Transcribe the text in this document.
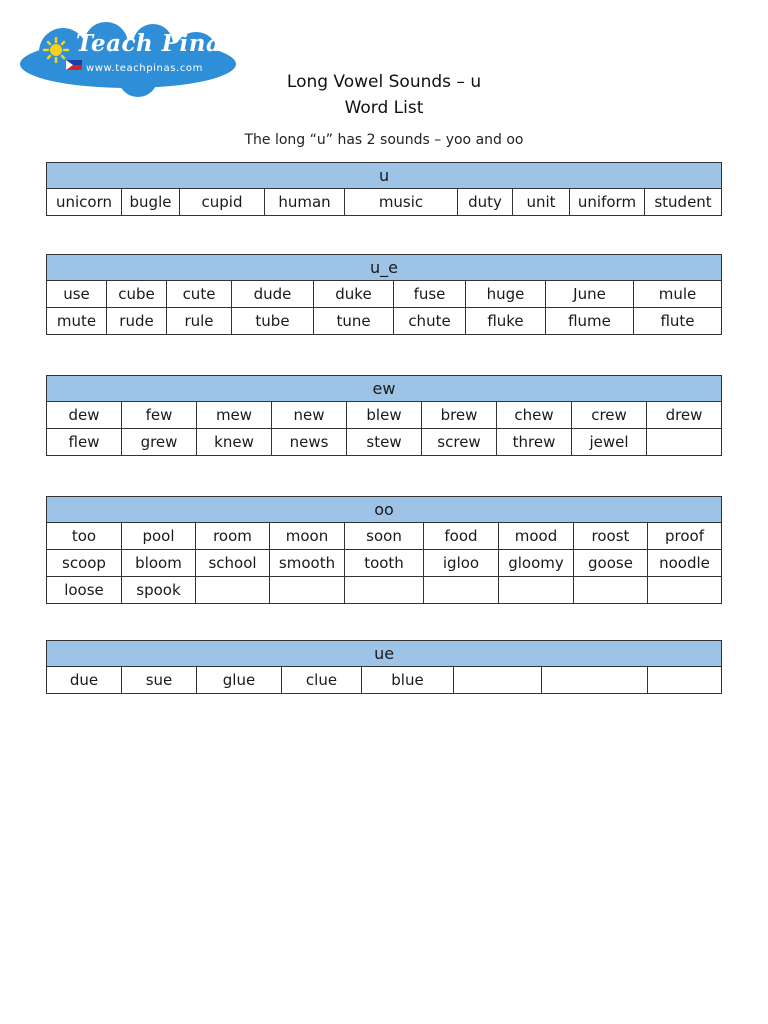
Teach Pinas
www.teachpinas.com
Long Vowel Sounds – u
Word List
The long “u” has 2 sounds – yoo and oo
u
unicorn	bugle	cupid	human	music	duty	unit	uniform	student
u_e								
use	cube	cute	dude	duke	fuse	huge	June	mule
mute	rude	rule	tube	tune	chute	fluke	flume	flute
ew								
dew	few	mew	new	blew	brew	chew	crew	drew
flew	grew	knew	news	stew	screw	threw	jewel	
oo								
too	pool	room	moon	soon	food	mood	roost	proof
scoop	bloom	school	smooth	tooth	igloo	gloomy	goose	noodle
loose	spook							
ue
due	sue	glue	clue	blue			
